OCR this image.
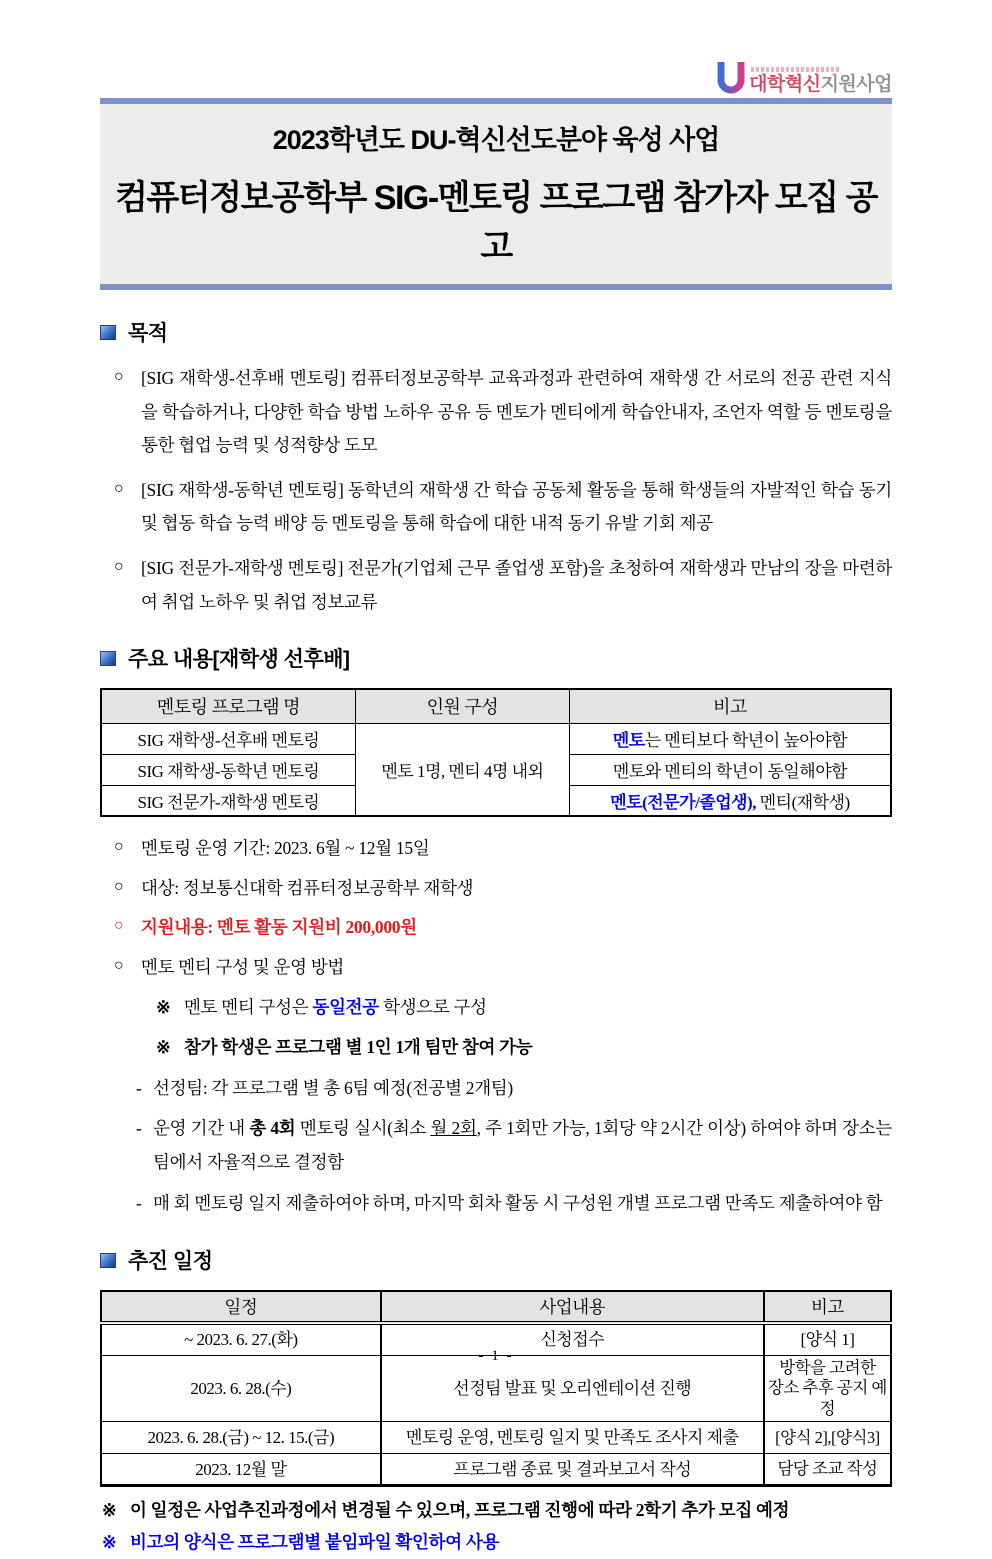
대학혁신지원사업
2023학년도 DU-혁신선도분야 육성 사업
컴퓨터정보공학부 SIG-멘토링 프로그램 참가자 모집 공고
목적
○	[SIG 재학생-선후배 멘토링] 컴퓨터정보공학부 교육과정과 관련하여 재학생 간 서로의 전공 관련 지식을 학습하거나, 다양한 학습 방법 노하우 공유 등 멘토가 멘티에게 학습안내자, 조언자 역할 등 멘토링을 통한 협업 능력 및 성적향상 도모

○	[SIG 재학생-동학년 멘토링] 동학년의 재학생 간 학습 공동체 활동을 통해 학생들의 자발적인 학습 동기 및 협동 학습 능력 배양 등 멘토링을 통해 학습에 대한 내적 동기 유발 기회 제공

○	[SIG 전문가-재학생 멘토링] 전문가(기업체 근무 졸업생 포함)을 초청하여 재학생과 만남의 장을 마련하여 취업 노하우 및 취업 정보교류

주요 내용[재학생 선후배]
멘토링 프로그램 명	인원 구성	비고
SIG 재학생-선후배 멘토링	멘토 1명, 멘티 4명 내외	멘토는 멘티보다 학년이 높아야함
SIG 재학생-동학년 멘토링		멘토와 멘티의 학년이 동일해야함
SIG 전문가-재학생 멘토링		멘토(전문가/졸업생), 멘티(재학생)
○	멘토링 운영 기간: 2023. 6월 ~ 12월 15일

○	대상: 정보통신대학 컴퓨터정보공학부 재학생

○	지원내용: 멘토 활동 지원비 200,000원

○	멘토 멘티 구성 및 운영 방법

※ 멘토 멘티 구성은 동일전공 학생으로 구성

※ 참가 학생은 프로그램 별 1인 1개 팀만 참여 가능

- 선정팀: 각 프로그램 별 총 6팀 예정(전공별 2개팀)

- 운영 기간 내 총 4회 멘토링 실시(최소 월 2회, 주 1회만 가능, 1회당 약 2시간 이상) 하여야 하며 장소는 팀에서 자율적으로 결정함

- 매 회 멘토링 일지 제출하여야 하며, 마지막 회차 활동 시 구성원 개별 프로그램 만족도 제출하여야 함

추진 일정
일정	사업내용	비고
~ 2023. 6. 27.(화)	신청접수	[양식 1]
2023. 6. 28.(수)	선정팀 발표 및 오리엔테이션 진행	방학을 고려한
장소 추후 공지 예정

2023. 6. 28.(금) ~ 12. 15.(금)	멘토링 운영, 멘토링 일지 및 만족도 조사지 제출	[양식 2],[양식3]
2023. 12월 말	프로그램 종료 및 결과보고서 작성	담당 조교 작성
※ 이 일정은 사업추진과정에서 변경될 수 있으며, 프로그램 진행에 따라 2학기 추가 모집 예정

※ 비고의 양식은 프로그램별 붙임파일 확인하여 사용

- 1 -
